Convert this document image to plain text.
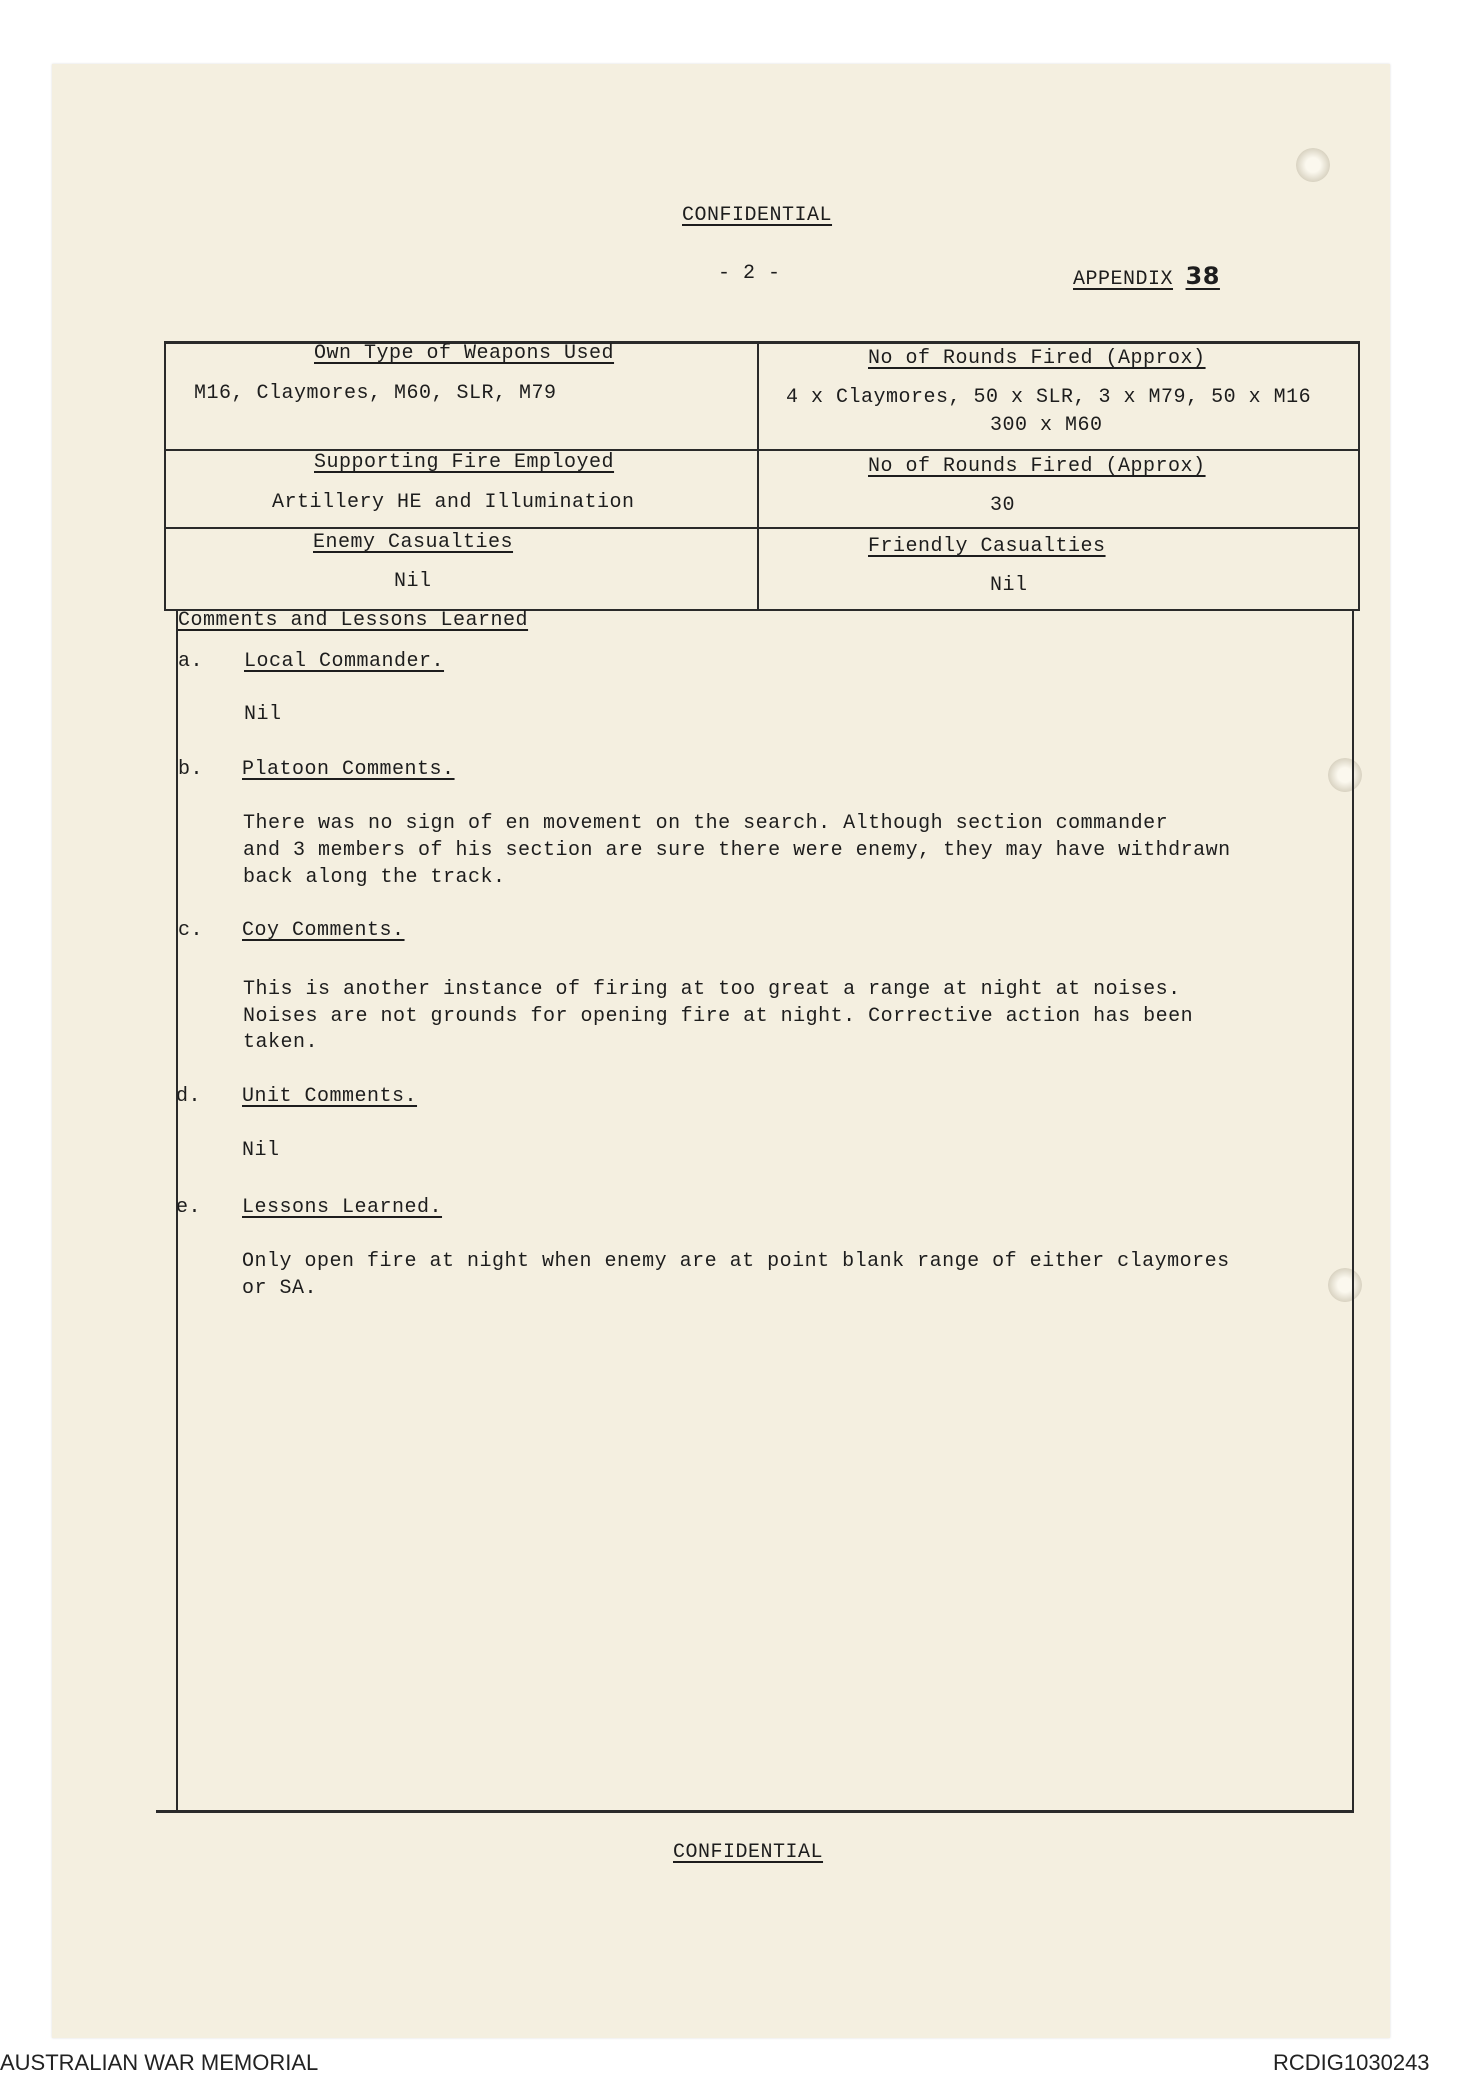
CONFIDENTIAL
- 2 -	APPENDIX 38
Own Type of Weapons Used
M16, Claymores, M60, SLR, M79
No of Rounds Fired (Approx)
4 x Claymores, 50 x SLR, 3 x M79, 50 x M16
300 x M60
Supporting Fire Employed
Artillery HE and Illumination
No of Rounds Fired (Approx)
30
Enemy Casualties
Nil
Friendly Casualties
Nil
Comments and Lessons Learned
a. Local Commander.
Nil
b. Platoon Comments.
There was no sign of en movement on the search. Although section commander
and 3 members of his section are sure there were enemy, they may have withdrawn
back along the track.
c. Coy Comments.
This is another instance of firing at too great a range at night at noises.
Noises are not grounds for opening fire at night. Corrective action has been
taken.
d. Unit Comments.
Nil
e. Lessons Learned.
Only open fire at night when enemy are at point blank range of either claymores
or SA.
CONFIDENTIAL
AUSTRALIAN WAR MEMORIAL	RCDIG1030243
